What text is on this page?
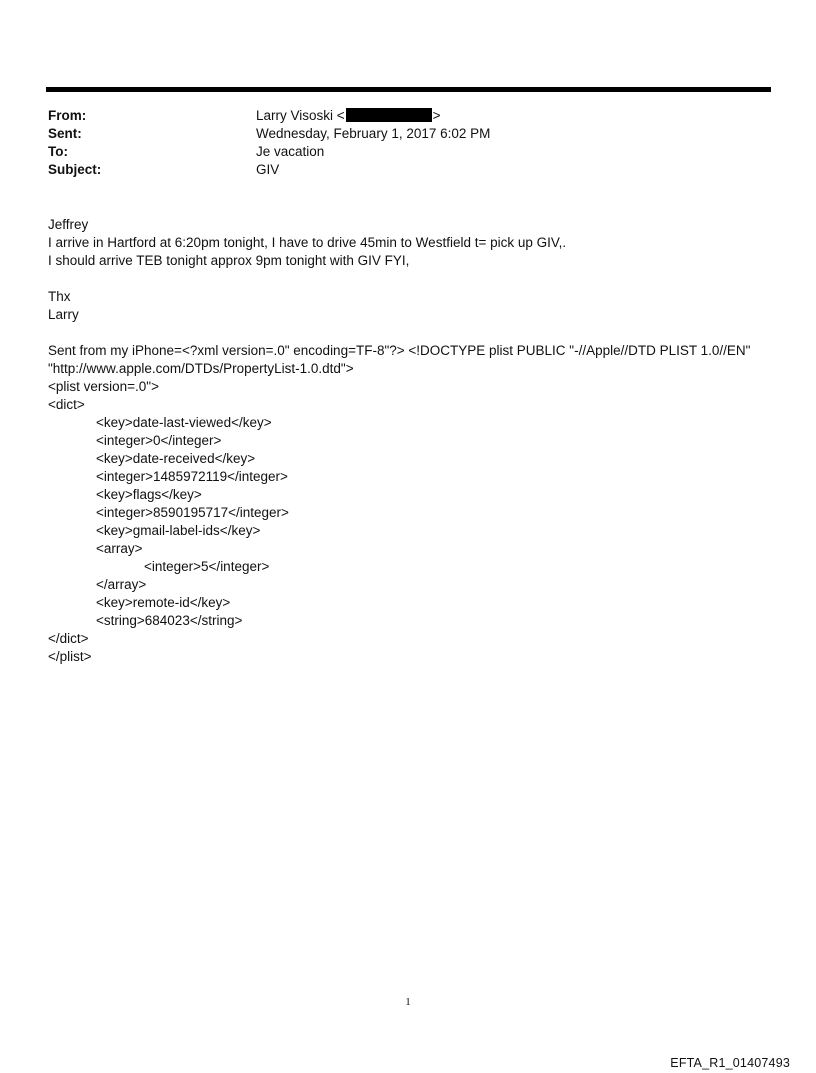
From:	Larry Visoski <	>
Sent:	Wednesday, February 1, 2017 6:02 PM
To:	Je vacation
Subject:	GIV
Jeffrey
I arrive in Hartford at 6:20pm tonight, I have to drive 45min to Westfield t= pick up GIV,.
I should arrive TEB tonight approx 9pm tonight with GIV FYI,
Thx
Larry
Sent from my iPhone=<?xml version=.0" encoding=TF-8"?> <!DOCTYPE plist PUBLIC "-//Apple//DTD PLIST 1.0//EN"
"http://www.apple.com/DTDs/PropertyList-1.0.dtd">
<plist version=.0">
<dict>
<key>date-last-viewed</key>
<integer>0</integer>
<key>date-received</key>
<integer>1485972119</integer>
<key>flags</key>
<integer>8590195717</integer>
<key>gmail-label-ids</key>
<array>
<integer>5</integer>
</array>
<key>remote-id</key>
<string>684023</string>
</dict>
</plist>
1
EFTA_R1_01407493
